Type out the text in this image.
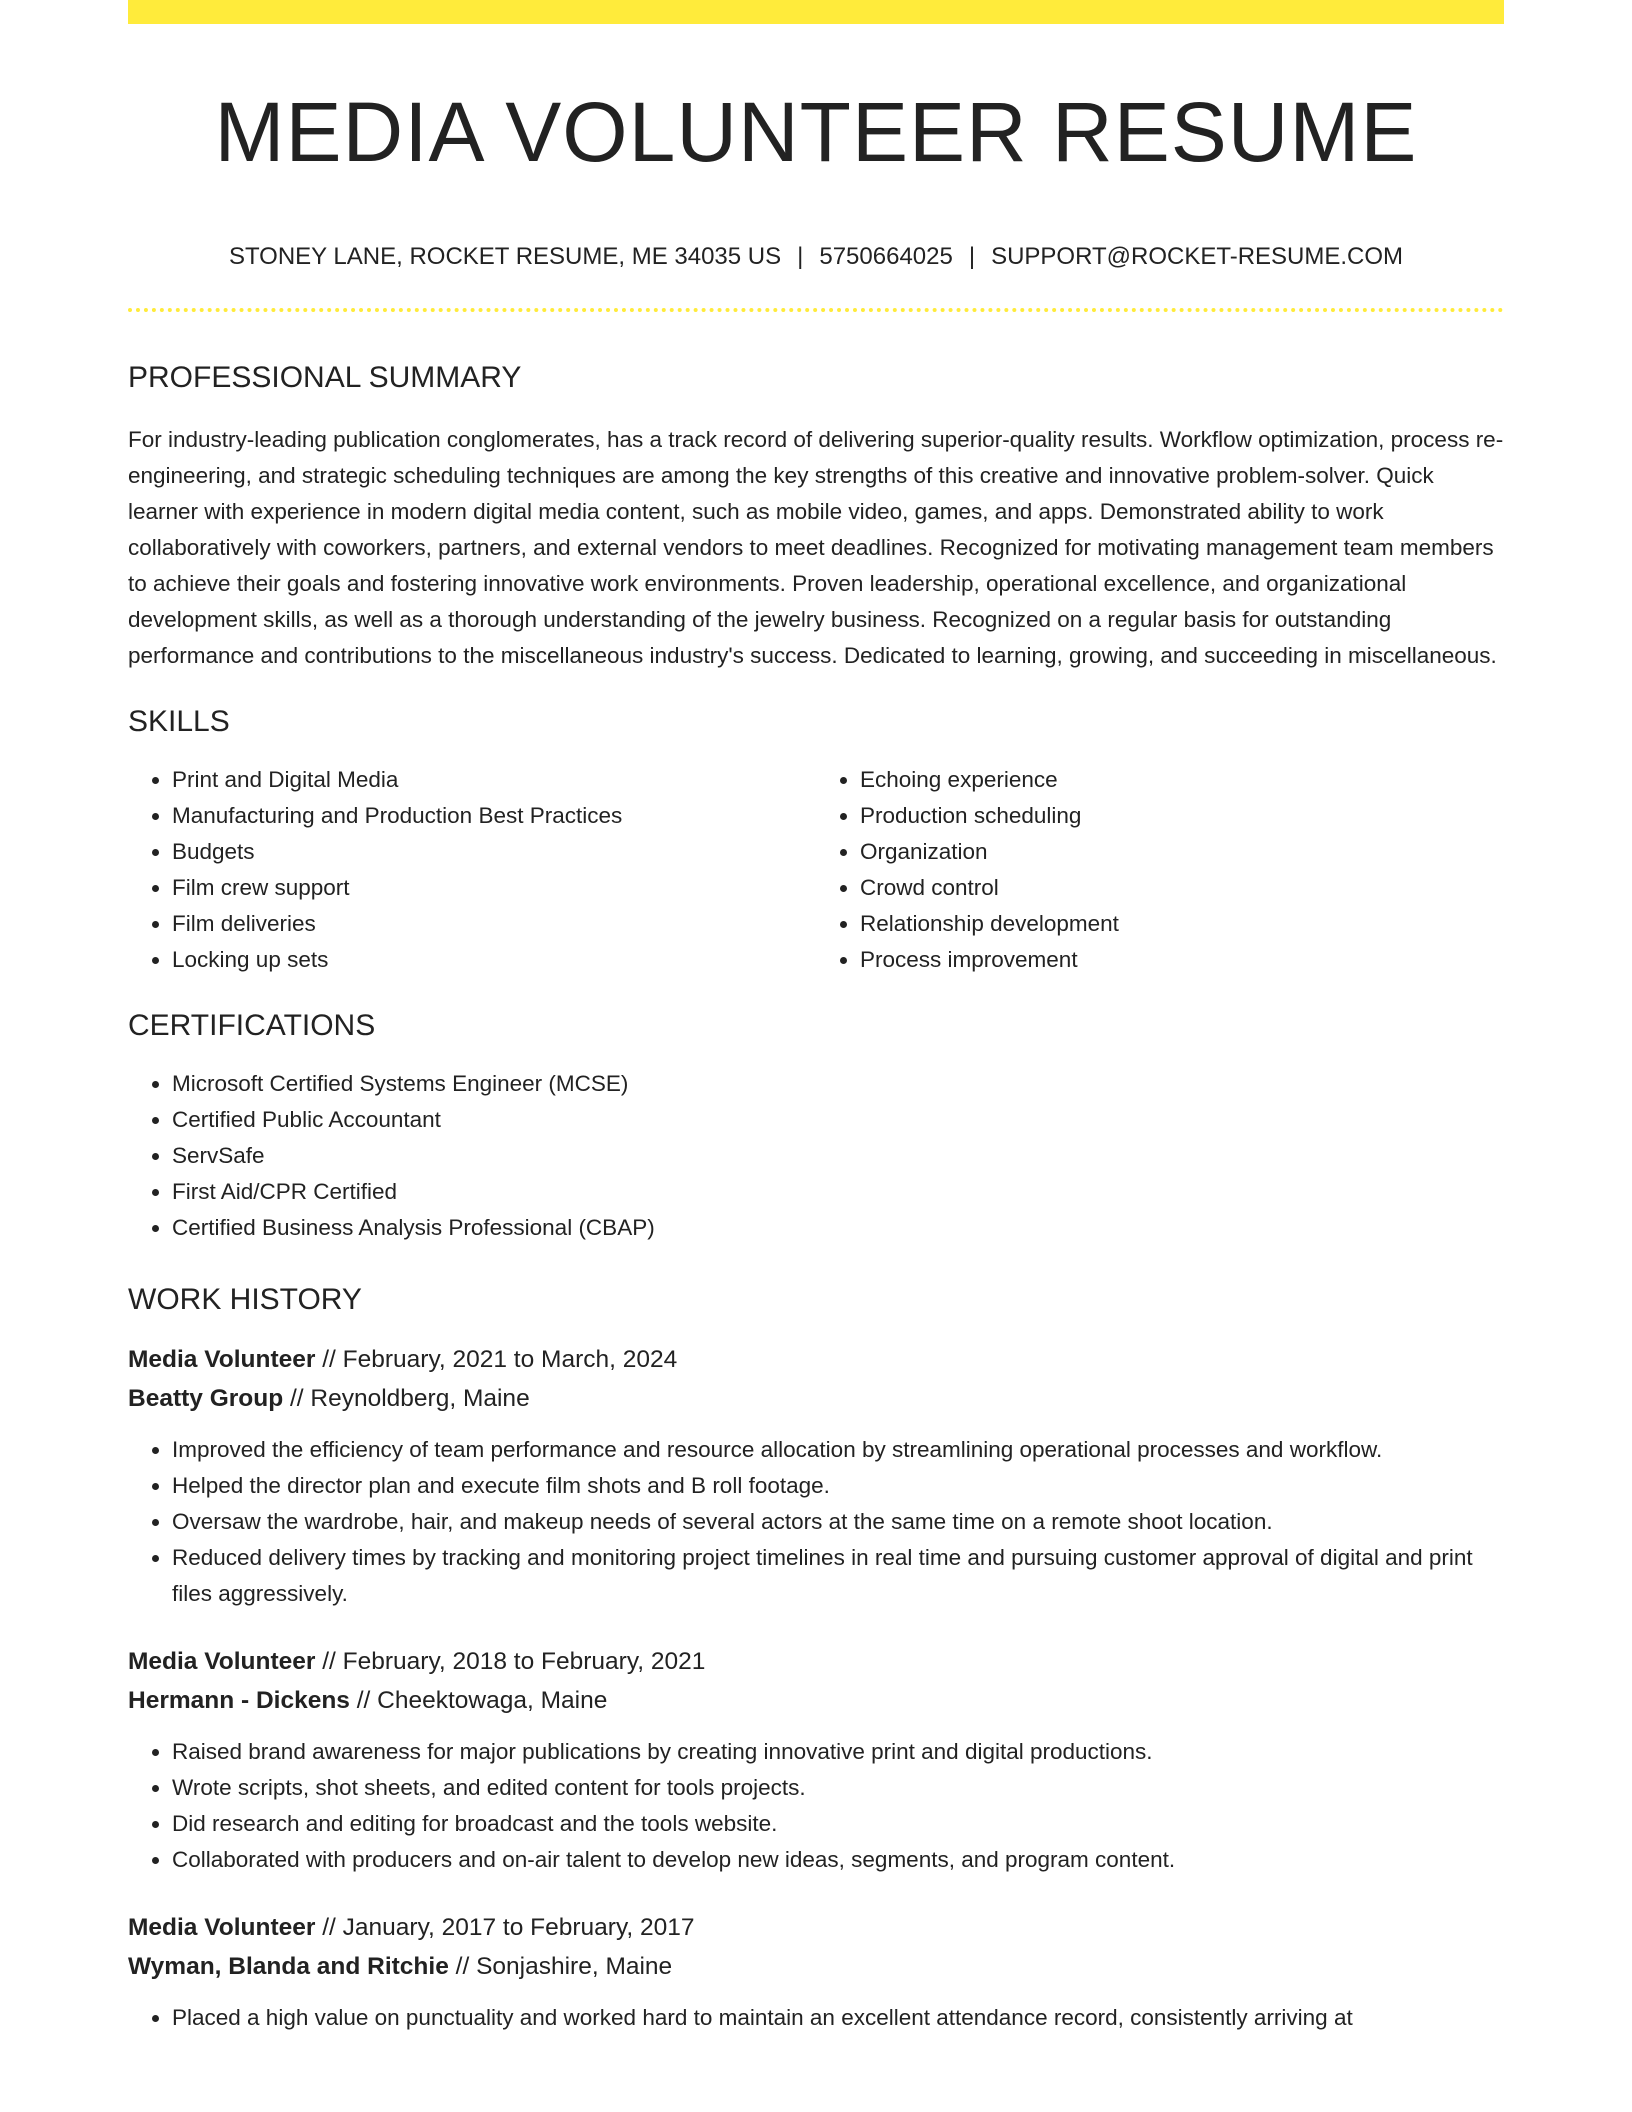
MEDIA VOLUNTEER RESUME
STONEY LANE, ROCKET RESUME, ME 34035 US | 5750664025 | SUPPORT@ROCKET-RESUME.COM
PROFESSIONAL SUMMARY

For industry-leading publication conglomerates, has a track record of delivering superior-quality results. Workflow optimization, process re-engineering, and strategic scheduling techniques are among the key strengths of this creative and innovative problem-solver. Quick learner with experience in modern digital media content, such as mobile video, games, and apps. Demonstrated ability to work collaboratively with coworkers, partners, and external vendors to meet deadlines. Recognized for motivating management team members to achieve their goals and fostering innovative work environments. Proven leadership, operational excellence, and organizational development skills, as well as a thorough understanding of the jewelry business. Recognized on a regular basis for outstanding performance and contributions to the miscellaneous industry's success. Dedicated to learning, growing, and succeeding in miscellaneous.

SKILLS
• Print and Digital Media
• Manufacturing and Production Best Practices
• Budgets
• Film crew support
• Film deliveries
• Locking up sets
• Echoing experience
• Production scheduling
• Organization
• Crowd control
• Relationship development
• Process improvement
CERTIFICATIONS
• Microsoft Certified Systems Engineer (MCSE)
• Certified Public Accountant
• ServSafe
• First Aid/CPR Certified
• Certified Business Analysis Professional (CBAP)
WORK HISTORY
Media Volunteer // February, 2021 to March, 2024
Beatty Group // Reynoldberg, Maine
• Improved the efficiency of team performance and resource allocation by streamlining operational processes and workflow.
• Helped the director plan and execute film shots and B roll footage.
• Oversaw the wardrobe, hair, and makeup needs of several actors at the same time on a remote shoot location.
• Reduced delivery times by tracking and monitoring project timelines in real time and pursuing customer approval of digital and print files aggressively.
Media Volunteer // February, 2018 to February, 2021
Hermann - Dickens // Cheektowaga, Maine
• Raised brand awareness for major publications by creating innovative print and digital productions.
• Wrote scripts, shot sheets, and edited content for tools projects.
• Did research and editing for broadcast and the tools website.
• Collaborated with producers and on-air talent to develop new ideas, segments, and program content.
Media Volunteer // January, 2017 to February, 2017
Wyman, Blanda and Ritchie // Sonjashire, Maine
• Placed a high value on punctuality and worked hard to maintain an excellent attendance record, consistently arriving at
